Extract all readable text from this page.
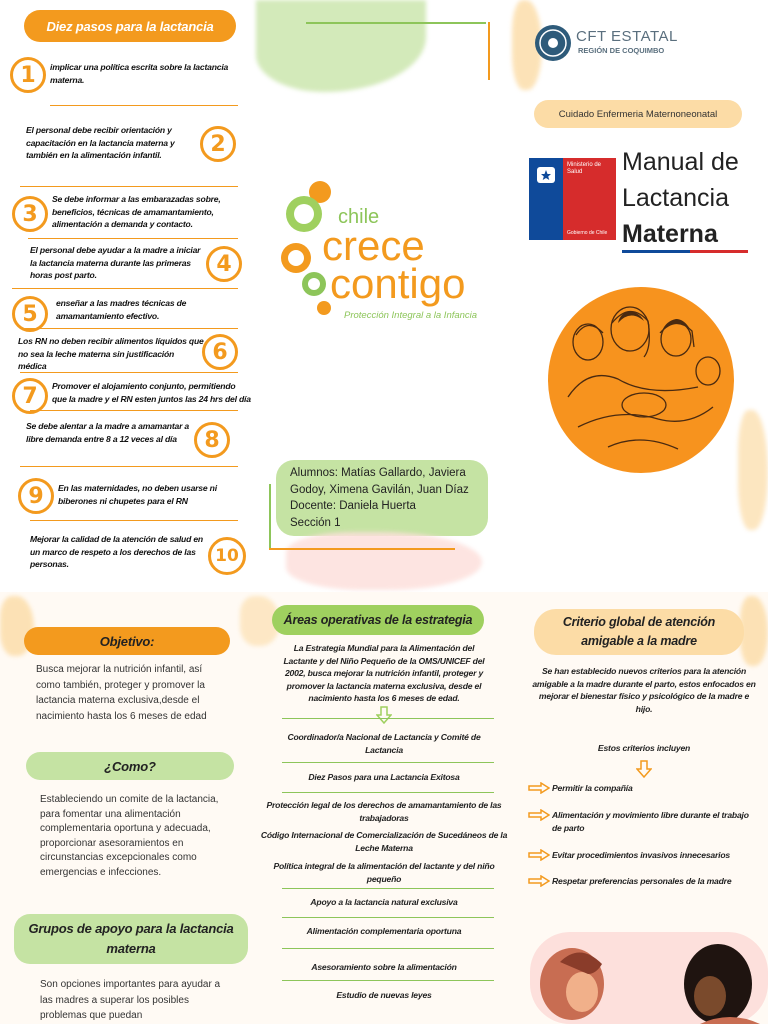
Diez pasos para la lactancia
1	implicar una política escrita sobre la lactancia materna.
El personal debe recibir orientación y capacitación en la lactancia materna y también en la alimentación infantil.	2
3
Se debe informar a las embarazadas sobre, beneficios, técnicas de amamantamiento, alimentación a demanda y contacto.
El personal debe ayudar a la madre a iniciar la lactancia materna durante las primeras horas post parto.	4
5	enseñar a las madres técnicas de amamantamiento efectivo.
Los RN no deben recibir alimentos líquidos que no sea la leche materna sin justificación médica
6
7	Promover el alojamiento conjunto, permitiendo que la madre y el RN esten juntos las 24 hrs del día
Se debe alentar a la madre a amamantar a libre demanda entre 8 a 12 veces al día	8
9	En las maternidades, no deben usarse ni biberones ni chupetes para el RN
Mejorar la calidad de la atención de salud en un marco de respeto a los derechos de las personas.	10
chile
crece
contigo
Protección Integral a la Infancia
Alumnos: Matías Gallardo, Javiera
Godoy, Ximena Gavilán, Juan Díaz
Docente: Daniela Huerta
Sección 1
CFT ESTATAL
REGIÓN DE COQUIMBO
Cuidado Enfermeria Maternoneonatal
Ministerio de
Salud
Gobierno de Chile
Manual de
Lactancia
Materna
Objetivo:
Busca mejorar la nutrición infantil, así como también, proteger y promover la lactancia materna exclusiva,desde el nacimiento hasta los 6 meses de edad
¿Como?
Estableciendo un comite de la lactancia, para fomentar una alimentación complementaria oportuna y adecuada, proporcionar asesoramientos en circunstancias excepcionales como emergencias e infecciones.
Grupos de apoyo para la lactancia materna
Son opciones importantes para ayudar a las madres a superar los posibles problemas que puedan
Áreas operativas de la estrategia
La Estrategia Mundial para la Alimentación del Lactante y del Niño Pequeño de la OMS/UNICEF del 2002, busca mejorar la nutrición infantil, proteger y promover la lactancia materna exclusiva, desde el nacimiento hasta los 6 meses de edad.
Coordinador/a Nacional de Lactancia y Comité de Lactancia
Diez Pasos para una Lactancia Exitosa
Protección legal de los derechos de amamantamiento de las trabajadoras
Código Internacional de Comercialización de Sucedáneos de la Leche Materna
Política integral de la alimentación del lactante y del niño pequeño
Apoyo a la lactancia natural exclusiva
Alimentación complementaria oportuna
Asesoramiento sobre la alimentación
Estudio de nuevas leyes
Criterio global de atención amigable a la madre
Se han establecido nuevos criterios para la atención amigable a la madre durante el parto, estos enfocados en mejorar el bienestar físico y psicológico de la madre e hijo.
Estos criterios incluyen
Permitir la compañía
Alimentación y movimiento libre durante el trabajo de parto
Evitar procedimientos invasivos innecesarios
Respetar preferencias personales de la madre
